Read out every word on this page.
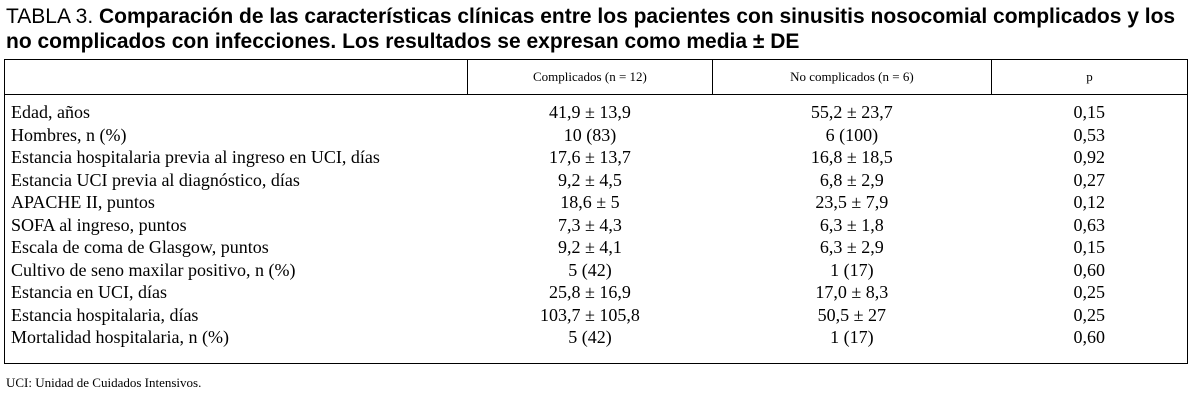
TABLA 3. Comparación de las características clínicas entre los pacientes con sinusitis nosocomial complicados y los no complicados con infecciones. Los resultados se expresan como media ± DE
	Complicados (n = 12)	No complicados (n = 6)	p
Edad, años	41,9 ± 13,9	55,2 ± 23,7	0,15
Hombres, n (%)	10 (83)	6 (100)	0,53
Estancia hospitalaria previa al ingreso en UCI, días	17,6 ± 13,7	16,8 ± 18,5	0,92
Estancia UCI previa al diagnóstico, días	9,2 ± 4,5	6,8 ± 2,9	0,27
APACHE II, puntos	18,6 ± 5	23,5 ± 7,9	0,12
SOFA al ingreso, puntos	7,3 ± 4,3	6,3 ± 1,8	0,63
Escala de coma de Glasgow, puntos	9,2 ± 4,1	6,3 ± 2,9	0,15
Cultivo de seno maxilar positivo, n (%)	5 (42)	1 (17)	0,60
Estancia en UCI, días	25,8 ± 16,9	17,0 ± 8,3	0,25
Estancia hospitalaria, días	103,7 ± 105,8	50,5 ± 27	0,25
Mortalidad hospitalaria, n (%)	5 (42)	1 (17)	0,60
UCI: Unidad de Cuidados Intensivos.
